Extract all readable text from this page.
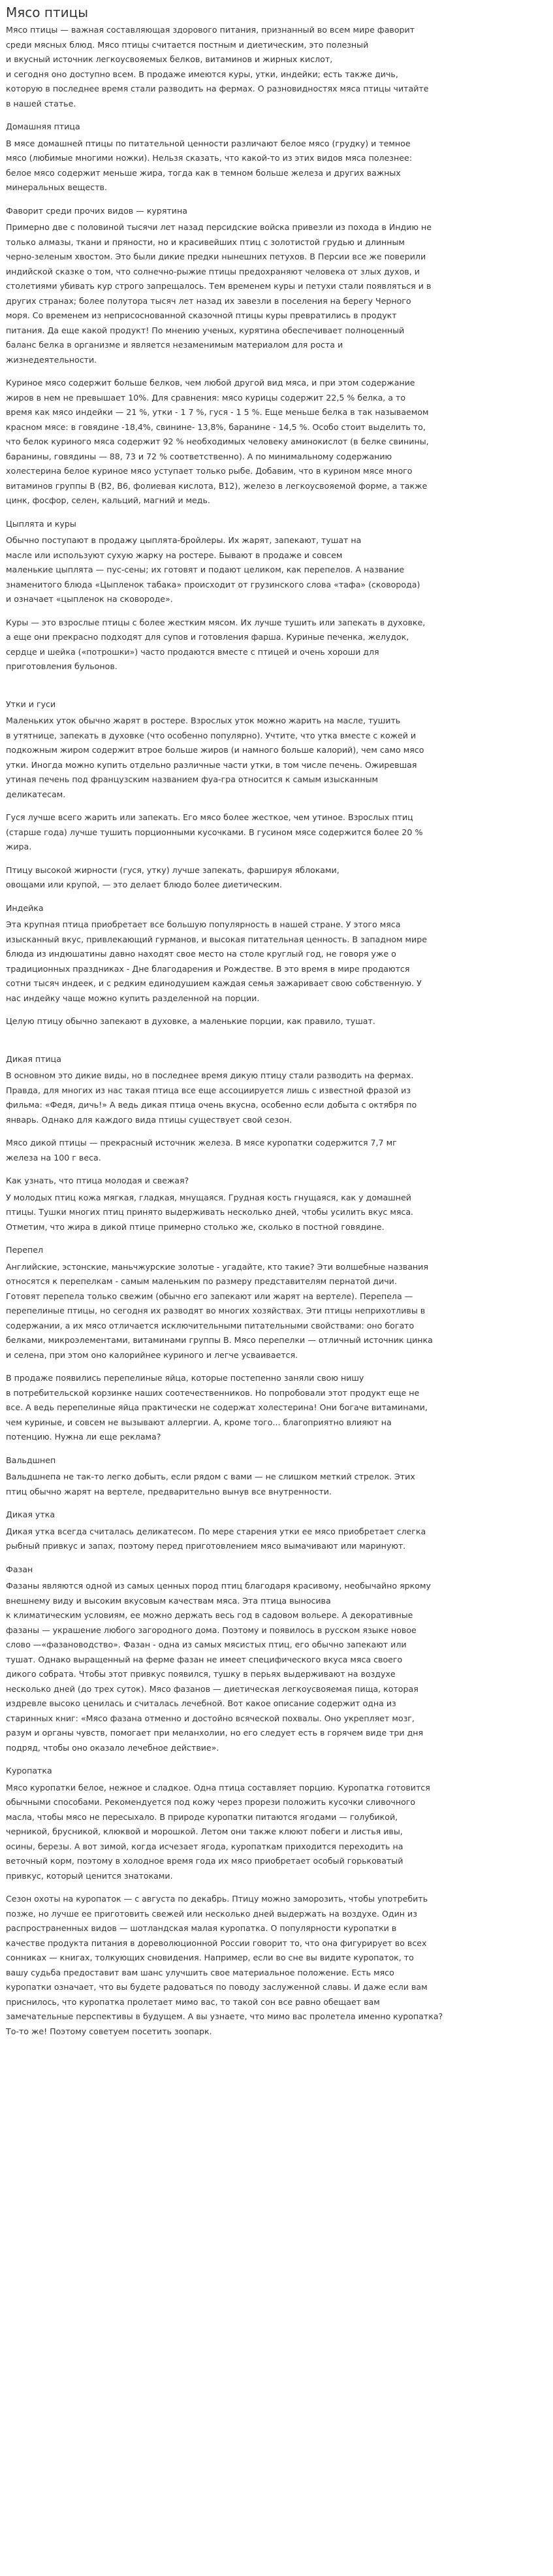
Мясо птицы
Мясо птицы — важная составляющая здорового питания, признанный во всем мире фаворит
среди мясных блюд. Мясо птицы считается постным и диетическим, это полезный
и вкусный источник легкоусвояемых белков, витаминов и жирных кислот,
и сегодня оно доступно всем. В продаже имеются куры, утки, индейки; есть также дичь,
которую в последнее время стали разводить на фермах. О разновидностях мяса птицы читайте
в нашей статье.
Домашняя птица
В мясе домашней птицы по питательной ценности различают белое мясо (грудку) и темное
мясо (любимые многими ножки). Нельзя сказать, что какой-то из этих видов мяса полезнее:
белое мясо содержит меньше жира, тогда как в темном больше железа и других важных
минеральных веществ.
Фаворит среди прочих видов — курятина
Примерно две с половиной тысячи лет назад персидские войска привезли из похода в Индию не
только алмазы, ткани и пряности, но и красивейших птиц с золотистой грудью и длинным
черно-зеленым хвостом. Это были дикие предки нынешних петухов. В Персии все же поверили
индийской сказке о том, что солнечно-рыжие птицы предохраняют человека от злых духов, и
столетиями убивать кур строго запрещалось. Тем временем куры и петухи стали появляться и в
других странах; более полутора тысяч лет назад их завезли в поселения на берегу Черного
моря. Со временем из неприсоснованной сказочной птицы куры превратились в продукт
питания. Да еще какой продукт! По мнению ученых, курятина обеспечивает полноценный
баланс белка в организме и является незаменимым материалом для роста и
жизнедеятельности.
Куриное мясо содержит больше белков, чем любой другой вид мяса, и при этом содержание
жиров в нем не превышает 10%. Для сравнения: мясо курицы содержит 22,5 % белка, а то
время как мясо индейки — 21 %, утки - 1 7 %, гуся - 1 5 %. Еще меньше белка в так называемом
красном мясе: в говядине -18,4%, свинине- 13,8%, баранине - 14,5 %. Особо стоит выделить то,
что белок куриного мяса содержит 92 % необходимых человеку аминокислот (в белке свинины,
баранины, говядины — 88, 73 и 72 % соответственно). А по минимальному содержанию
холестерина белое куриное мясо уступает только рыбе. Добавим, что в курином мясе много
витаминов группы В (В2, В6, фолиевая кислота, В12), железо в легкоусвояемой форме, а также
цинк, фосфор, селен, кальций, магний и медь.
Цыплята и куры
Обычно поступают в продажу цыплята-бройлеры. Их жарят, запекают, тушат на
масле или используют сухую жарку на ростере. Бывают в продаже и совсем
маленькие цыплята — пус-сены; их готовят и подают целиком, как перепелов. А название
знаменитого блюда «Цыпленок табака» происходит от грузинского слова «тафа» (сковорода)
и означает «цыпленок на сковороде».
Куры — это взрослые птицы с более жестким мясом. Их лучше тушить или запекать в духовке,
а еще они прекрасно подходят для супов и готовления фарша. Куриные печенка, желудок,
сердце и шейка («потрошки») часто продаются вместе с птицей и очень хороши для
приготовления бульонов.
Утки и гуси
Маленьких уток обычно жарят в ростере. Взрослых уток можно жарить на масле, тушить
в утятнице, запекать в духовке (что особенно популярно). Учтите, что утка вместе с кожей и
подкожным жиром содержит втрое больше жиров (и намного больше калорий), чем само мясо
утки. Иногда можно купить отдельно различные части утки, в том числе печень. Ожиревшая
утиная печень под французским названием фуа-гра относится к самым изысканным
деликатесам.
Гуся лучше всего жарить или запекать. Его мясо более жесткое, чем утиное. Взрослых птиц
(старше года) лучше тушить порционными кусочками. В гусином мясе содержится более 20 %
жира.
Птицу высокой жирности (гуся, утку) лучше запекать, фаршируя яблоками,
овощами или крупой, — это делает блюдо более диетическим.
Индейка
Эта крупная птица приобретает все большую популярность в нашей стране. У этого мяса
изысканный вкус, привлекающий гурманов, и высокая питательная ценность. В западном мире
блюда из индюшатины давно находят свое место на столе круглый год, не говоря уже о
традиционных праздниках - Дне благодарения и Рождестве. В это время в мире продаются
сотни тысяч индеек, и с редким единодушием каждая семья зажаривает свою собственную. У
нас индейку чаще можно купить разделенной на порции.
Целую птицу обычно запекают в духовке, а маленькие порции, как правило, тушат.
Дикая птица
В основном это дикие виды, но в последнее время дикую птицу стали разводить на фермах.
Правда, для многих из нас такая птица все еще ассоциируется лишь с известной фразой из
фильма: «Федя, дичь!» А ведь дикая птица очень вкусна, особенно если добыта с октября по
январь. Однако для каждого вида птицы существует свой сезон.
Мясо дикой птицы — прекрасный источник железа. В мясе куропатки содержится 7,7 мг
железа на 100 г веса.
Как узнать, что птица молодая и свежая?
У молодых птиц кожа мягкая, гладкая, мнущаяся. Грудная кость гнущаяся, как у домашней
птицы. Тушки многих птиц принято выдерживать несколько дней, чтобы усилить вкус мяса.
Отметим, что жира в дикой птице примерно столько же, сколько в постной говядине.
Перепел
Английские, эстонские, маньчжурские золотые - угадайте, кто такие? Эти волшебные названия
относятся к перепелкам - самым маленьким по размеру представителям пернатой дичи.
Готовят перепела только свежим (обычно его запекают или жарят на вертеле). Перепела —
перепелиные птицы, но сегодня их разводят во многих хозяйствах. Эти птицы неприхотливы в
содержании, а их мясо отличается исключительными питательными свойствами: оно богато
белками, микроэлементами, витаминами группы В. Мясо перепелки — отличный источник цинка
и селена, при этом оно калорийнее куриного и легче усваивается.
В продаже появились перепелиные яйца, которые постепенно заняли свою нишу
в потребительской корзинке наших соотечественников. Но попробовали этот продукт еще не
все. А ведь перепелиные яйца практически не содержат холестерина! Они богаче витаминами,
чем куриные, и совсем не вызывают аллергии. А, кроме того... благоприятно влияют на
потенцию. Нужна ли еще реклама?
Вальдшнеп
Вальдшнепа не так-то легко добыть, если рядом с вами — не слишком меткий стрелок. Этих
птиц обычно жарят на вертеле, предварительно вынув все внутренности.
Дикая утка
Дикая утка всегда считалась деликатесом. По мере старения утки ее мясо приобретает слегка
рыбный привкус и запах, поэтому перед приготовлением мясо вымачивают или маринуют.
Фазан
Фазаны являются одной из самых ценных пород птиц благодаря красивому, необычайно яркому
внешнему виду и высоким вкусовым качествам мяса. Эта птица выносива
к климатическим условиям, ее можно держать весь год в садовом вольере. А декоративные
фазаны — украшение любого загородного дома. Поэтому и появилось в русском языке новое
слово —«фазановодство». Фазан - одна из самых мясистых птиц, его обычно запекают или
тушат. Однако выращенный на ферме фазан не имеет специфического вкуса мяса своего
дикого собрата. Чтобы этот привкус появился, тушку в перьях выдерживают на воздухе
несколько дней (до трех суток). Мясо фазанов — диетическая легкоусвояемая пища, которая
издревле высоко ценилась и считалась лечебной. Вот какое описание содержит одна из
старинных книг: «Мясо фазана отменно и достойно всяческой похвалы. Оно укрепляет мозг,
разум и органы чувств, помогает при меланхолии, но его следует есть в горячем виде три дня
подряд, чтобы оно оказало лечебное действие».
Куропатка
Мясо куропатки белое, нежное и сладкое. Одна птица составляет порцию. Куропатка готовится
обычными способами. Рекомендуется под кожу через прорези положить кусочки сливочного
масла, чтобы мясо не пересыхало. В природе куропатки питаются ягодами — голубикой,
черникой, брусникой, клюквой и морошкой. Летом они также клюют побеги и листья ивы,
осины, березы. А вот зимой, когда исчезает ягода, куропаткам приходится переходить на
веточный корм, поэтому в холодное время года их мясо приобретает особый горьковатый
привкус, который ценится знатоками.
Сезон охоты на куропаток — с августа по декабрь. Птицу можно заморозить, чтобы употребить
позже, но лучше ее приготовить свежей или несколько дней выдержать на воздухе. Один из
распространенных видов — шотландская малая куропатка. О популярности куропатки в
качестве продукта питания в дореволюционной России говорит то, что она фигурирует во всех
сонниках — книгах, толкующих сновидения. Например, если во сне вы видите куропаток, то
вашу судьба предоставит вам шанс улучшить свое материальное положение. Есть мясо
куропатки означает, что вы будете радоваться по поводу заслуженной славы. И даже если вам
приснилось, что куропатка пролетает мимо вас, то такой сон все равно обещает вам
замечательные перспективы в будущем. А вы узнаете, что мимо вас пролетела именно куропатка?
То-то же! Поэтому советуем посетить зоопарк.
